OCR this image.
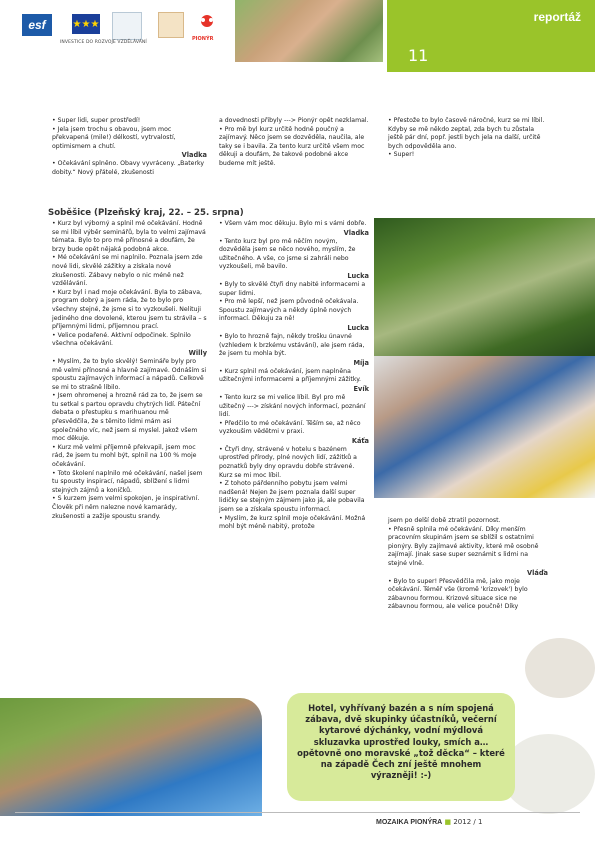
esf	★★★
PIONÝR
INVESTICE DO ROZVOJE VZDĚLÁVÁNÍ
reportáž
11

• Super lidi, super prostředí!

• Jela jsem trochu s obavou, jsem moc překvapená (mile!) délkostí, vytrvalostí, optimismem a chutí.

Vladka

• Očekávání splněno. Obavy vyvráceny. „Baterky dobity.“ Nový přátelé, zkušenosti

a dovednosti přibyly ---> Pionýr opět nezklamal.

• Pro mě byl kurz určitě hodně poučný a zajímavý. Něco jsem se dozvěděla, naučila, ale taky se i bavila. Za tento kurz určitě všem moc děkuji a doufám, že takové podobné akce budeme mít ještě.

• Přestože to bylo časově náročné, kurz se mi líbil. Kdyby se mě někdo zeptal, zda bych tu zůstala ještě pár dní, popř. jestli bych jela na další, určitě bych odpověděla ano.

• Super!

Soběšice (Plzeňský kraj, 22. – 25. srpna)

• Kurz byl výborný a splnil mé očekávání. Hodně se mi líbil výběr seminářů, byla to velmi zajímavá témata. Bylo to pro mě přínosné a doufám, že brzy bude opět nějaká podobná akce.

• Mé očekávání se mi naplnilo. Poznala jsem zde nové lidi, skvělé zážitky a získala nové zkušenosti. Zábavy nebylo o nic méně než vzdělávání.

• Kurz byl i nad moje očekávání. Byla to zábava, program dobrý a jsem ráda, že to bylo pro všechny stejné, že jsme si to vyzkoušeli. Nelituji jediného dne dovolené, kterou jsem tu strávila – s příjemnými lidmi, příjemnou prací.

• Velice podařené. Aktivní odpočinek. Splnilo všechna očekávání.

Willy

• Myslím, že to bylo skvělý! Semináře byly pro mě velmi přínosné a hlavně zajímavé. Odnáším si spoustu zajímavých informací a nápadů. Celkově se mi to strašně líbilo.

• Jsem ohromenej a hrozně rád za to, že jsem se tu setkal s partou opravdu chytrých lidí. Páteční debata o přestupku s marihuanou mě přesvědčila, že s těmito lidmi mám asi společného víc, než jsem si myslel. Jakož všem moc děkuje.

• Kurz mě velmi příjemně překvapil, jsem moc rád, že jsem tu mohl být, splnil na 100 % moje očekávání.

• Toto školení naplnilo mé očekávání, našel jsem tu spousty inspirací, nápadů, sblížení s lidmi stejných zájmů a koníčků.

• S kurzem jsem velmi spokojen, je inspirativní. Člověk při něm nalezne nové kamarády, zkušenosti a zažije spoustu srandy.

• Všem vám moc děkuju. Bylo mi s vámi dobře.

Vladka

• Tento kurz byl pro mě něčím novým, dozvěděla jsem se něco nového, myslím, že užitečného. A vše, co jsme si zahráli nebo vyzkoušeli, mě bavilo.

Lucka

• Byly to skvělé čtyři dny nabité informacemi a super lidmi.

• Pro mě lepší, než jsem původně očekávala. Spoustu zajímavých a někdy úplně nových informací. Děkuju za ně!

Lucka

• Bylo to hrozně fajn, někdy trošku únavné (vzhledem k brzkému vstávání), ale jsem ráda, že jsem tu mohla být.

Míja

• Kurz splnil má očekávání, jsem naplněna užitečnými informacemi a příjemnými zážitky.

Evík

• Tento kurz se mi velice líbil. Byl pro mě užitečný ---> získání nových informací, poznání lidí.

• Předčilo to mé očekávání. Těším se, až něco vyzkoušim vědětmi v praxi.

Káťa

• Čtyři dny, strávené v hotelu s bazénem uprostřed přírody, plné nových lidí, zážitků a poznatků byly dny opravdu dobře strávené. Kurz se mi moc líbil.

• Z tohoto pářdenního pobytu jsem velmi nadšená! Nejen že jsem poznala další super lidičky se stejným zájmem jako já, ale pobavila jsem se a získala spoustu informací.

• Myslím, že kurz splnil moje očekávání. Možná mohl být méně nabitý, protože

jsem po delší době ztratil pozornost.

• Přesně splnila mé očekávání. Díky menším pracovním skupinám jsem se sblížil s ostatními pionýry. Byly zajímavé aktivity, které mě osobně zajímají. Jinak sase super seznámit s lidmi na stejné vlně.

Vláďa

• Bylo to super! Přesvědčila mě, jako moje očekávání. Téměř vše (kromě 'krizovek') bylo zábavnou formou. Krizové situace sice ne zábavnou formou, ale velice poučně! Díky

Hotel, vyhřívaný bazén a s ním spojená zábava, dvě skupinky účastníků, večerní kytarové dýchánky, vodní mýdlová skluzavka uprostřed louky, smích a… opětovně ono moravské „tož děcka“ – které na západě Čech zní ještě mnohem výrazněji! :-)
MOZAIKA PIONÝRA ■ 2012 / 1
